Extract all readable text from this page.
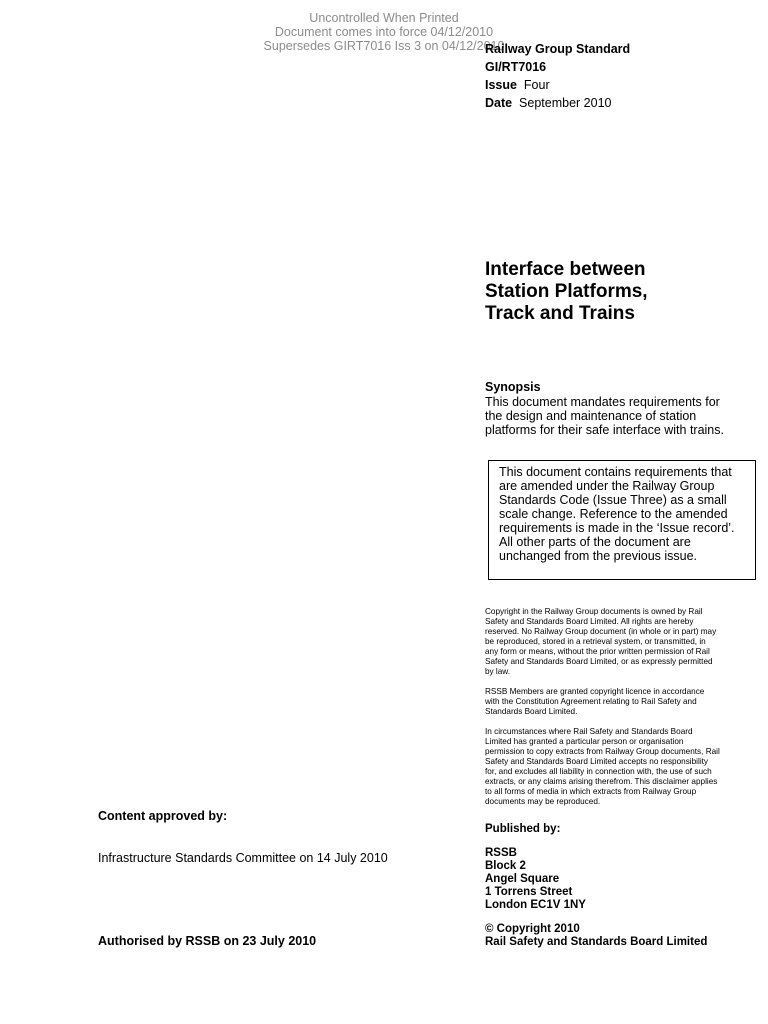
Uncontrolled When Printed
Document comes into force 04/12/2010
Supersedes GIRT7016 Iss 3 on 04/12/2010
Railway Group Standard
GI/RT7016
Issue Four
Date September 2010
Interface between
Station Platforms,
Track and Trains
Synopsis
This document mandates requirements for the design and maintenance of station platforms for their safe interface with trains.
This document contains requirements that are amended under the Railway Group Standards Code (Issue Three) as a small scale change. Reference to the amended requirements is made in the ‘Issue record’. All other parts of the document are unchanged from the previous issue.

Copyright in the Railway Group documents is owned by Rail Safety and Standards Board Limited. All rights are hereby reserved. No Railway Group document (in whole or in part) may be reproduced, stored in a retrieval system, or transmitted, in any form or means, without the prior written permission of Rail Safety and Standards Board Limited, or as expressly permitted by law.

RSSB Members are granted copyright licence in accordance with the Constitution Agreement relating to Rail Safety and Standards Board Limited.

In circumstances where Rail Safety and Standards Board Limited has granted a particular person or organisation permission to copy extracts from Railway Group documents, Rail Safety and Standards Board Limited accepts no responsibility for, and excludes all liability in connection with, the use of such extracts, or any claims arising therefrom. This disclaimer applies to all forms of media in which extracts from Railway Group documents may be reproduced.

Published by:
RSSB
Block 2
Angel Square
1 Torrens Street
London EC1V 1NY
© Copyright 2010
Rail Safety and Standards Board Limited
Content approved by:
Infrastructure Standards Committee on 14 July 2010
Authorised by RSSB on 23 July 2010
